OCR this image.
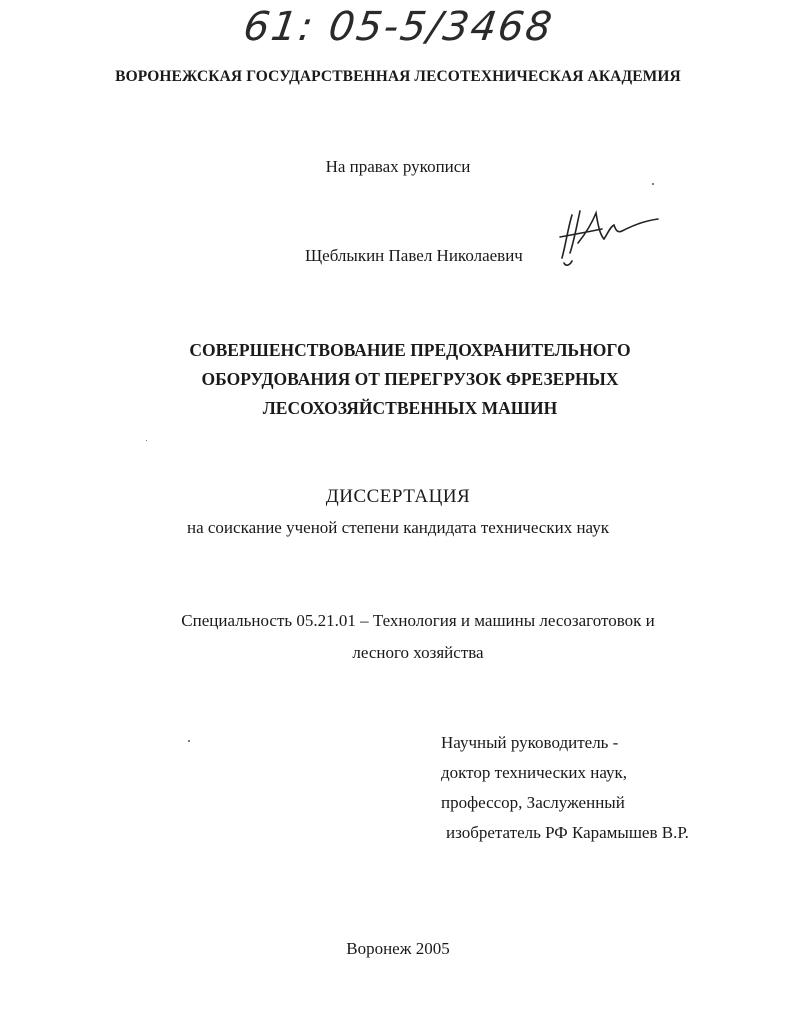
61: 05-5/3468
ВОРОНЕЖСКАЯ ГОСУДАРСТВЕННАЯ ЛЕСОТЕХНИЧЕСКАЯ АКАДЕМИЯ
На правах рукописи
Щеблыкин Павел Николаевич
СОВЕРШЕНСТВОВАНИЕ ПРЕДОХРАНИТЕЛЬНОГО
ОБОРУДОВАНИЯ ОТ ПЕРЕГРУЗОК ФРЕЗЕРНЫХ
ЛЕСОХОЗЯЙСТВЕННЫХ МАШИН
ДИССЕРТАЦИЯ
на соискание ученой степени кандидата технических наук
Специальность 05.21.01 – Технология и машины лесозаготовок и
лесного хозяйства
Научный руководитель -
доктор технических наук,
профессор, Заслуженный
изобретатель РФ Карамышев В.Р.
Воронеж 2005
